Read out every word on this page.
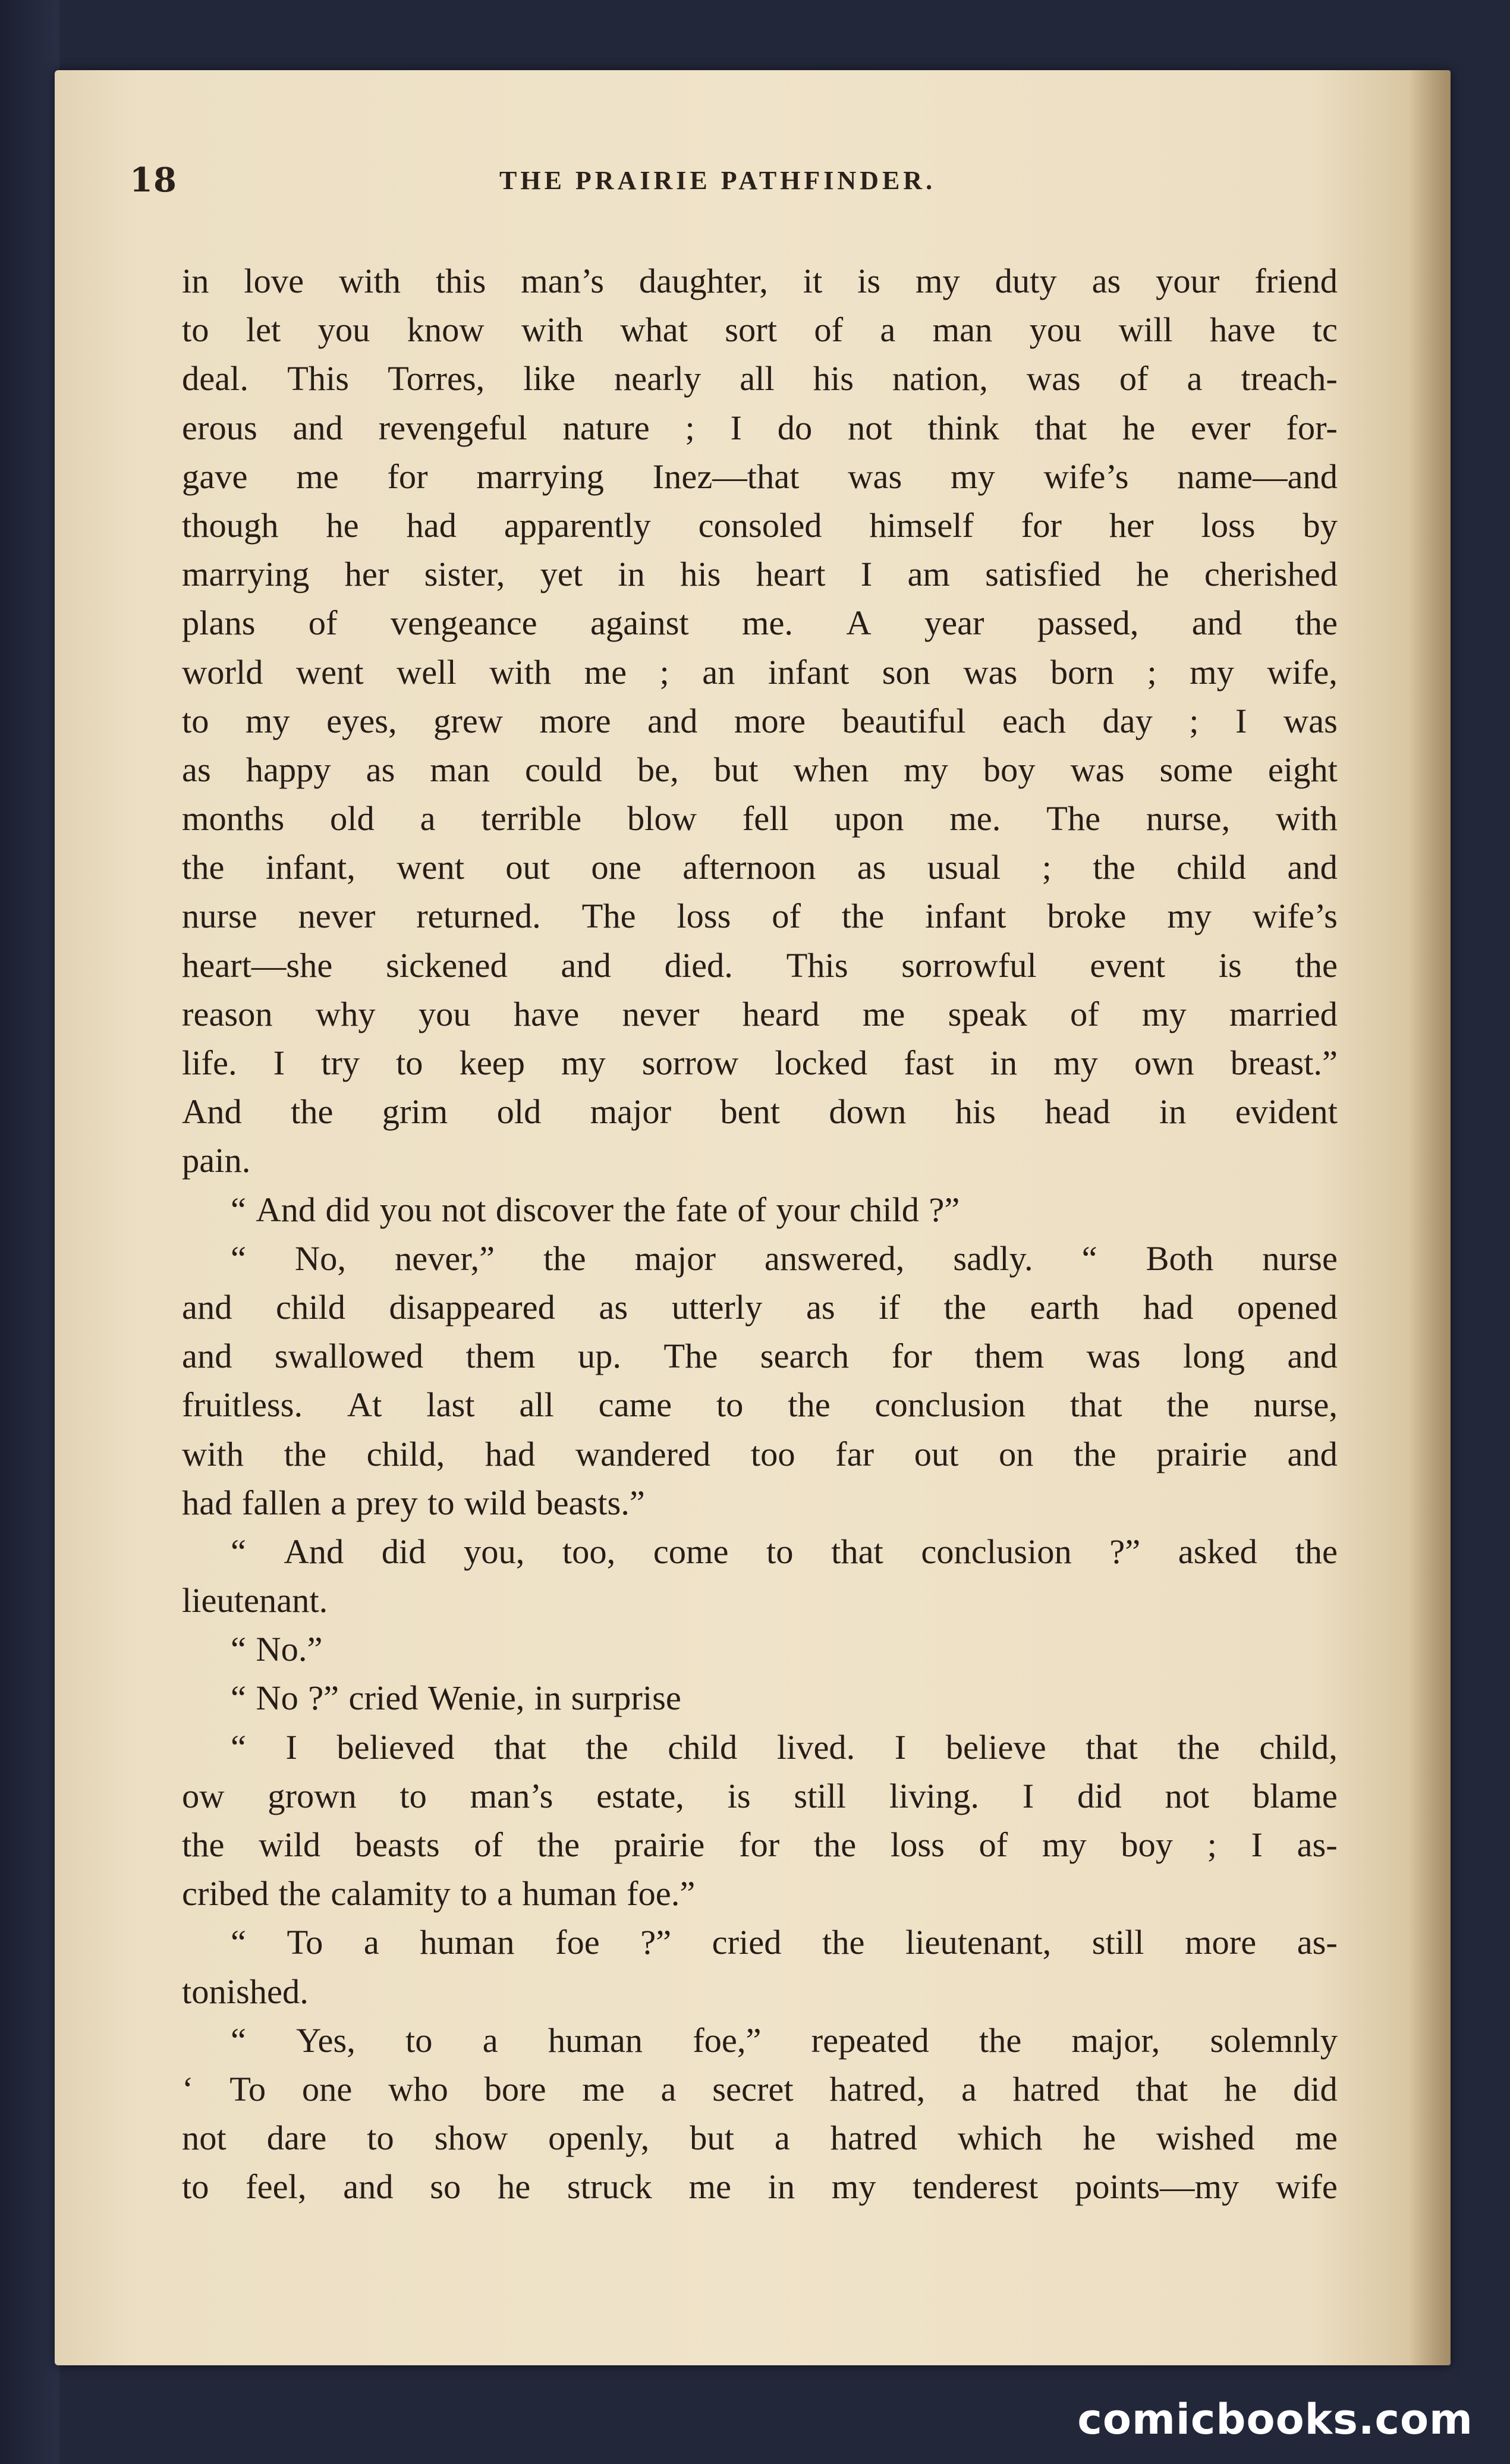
18	THE PRAIRIE PATHFINDER.
in love with this man’s daughter, it is my duty as your friend
to let you know with what sort of a man you will have tc
deal. This Torres, like nearly all his nation, was of a treach-
erous and revengeful nature ; I do not think that he ever for-
gave me for marrying Inez—that was my wife’s name—and
though he had apparently consoled himself for her loss by
marrying her sister, yet in his heart I am satisfied he cherished
plans of vengeance against me. A year passed, and the
world went well with me ; an infant son was born ; my wife,
to my eyes, grew more and more beautiful each day ; I was
as happy as man could be, but when my boy was some eight
months old a terrible blow fell upon me. The nurse, with
the infant, went out one afternoon as usual ; the child and
nurse never returned. The loss of the infant broke my wife’s
heart—she sickened and died. This sorrowful event is the
reason why you have never heard me speak of my married
life. I try to keep my sorrow locked fast in my own breast.”
And the grim old major bent down his head in evident
pain.
“ And did you not discover the fate of your child ?”
“ No, never,” the major answered, sadly. “ Both nurse
and child disappeared as utterly as if the earth had opened
and swallowed them up. The search for them was long and
fruitless. At last all came to the conclusion that the nurse,
with the child, had wandered too far out on the prairie and
had fallen a prey to wild beasts.”
“ And did you, too, come to that conclusion ?” asked the
lieutenant.
“ No.”
“ No ?” cried Wenie, in surprise
“ I believed that the child lived. I believe that the child,
ow grown to man’s estate, is still living. I did not blame
the wild beasts of the prairie for the loss of my boy ; I as-
cribed the calamity to a human foe.”
“ To a human foe ?” cried the lieutenant, still more as-
tonished.
“ Yes, to a human foe,” repeated the major, solemnly
‘ To one who bore me a secret hatred, a hatred that he did
not dare to show openly, but a hatred which he wished me
to feel, and so he struck me in my tenderest points—my wife
comicbooks.com
